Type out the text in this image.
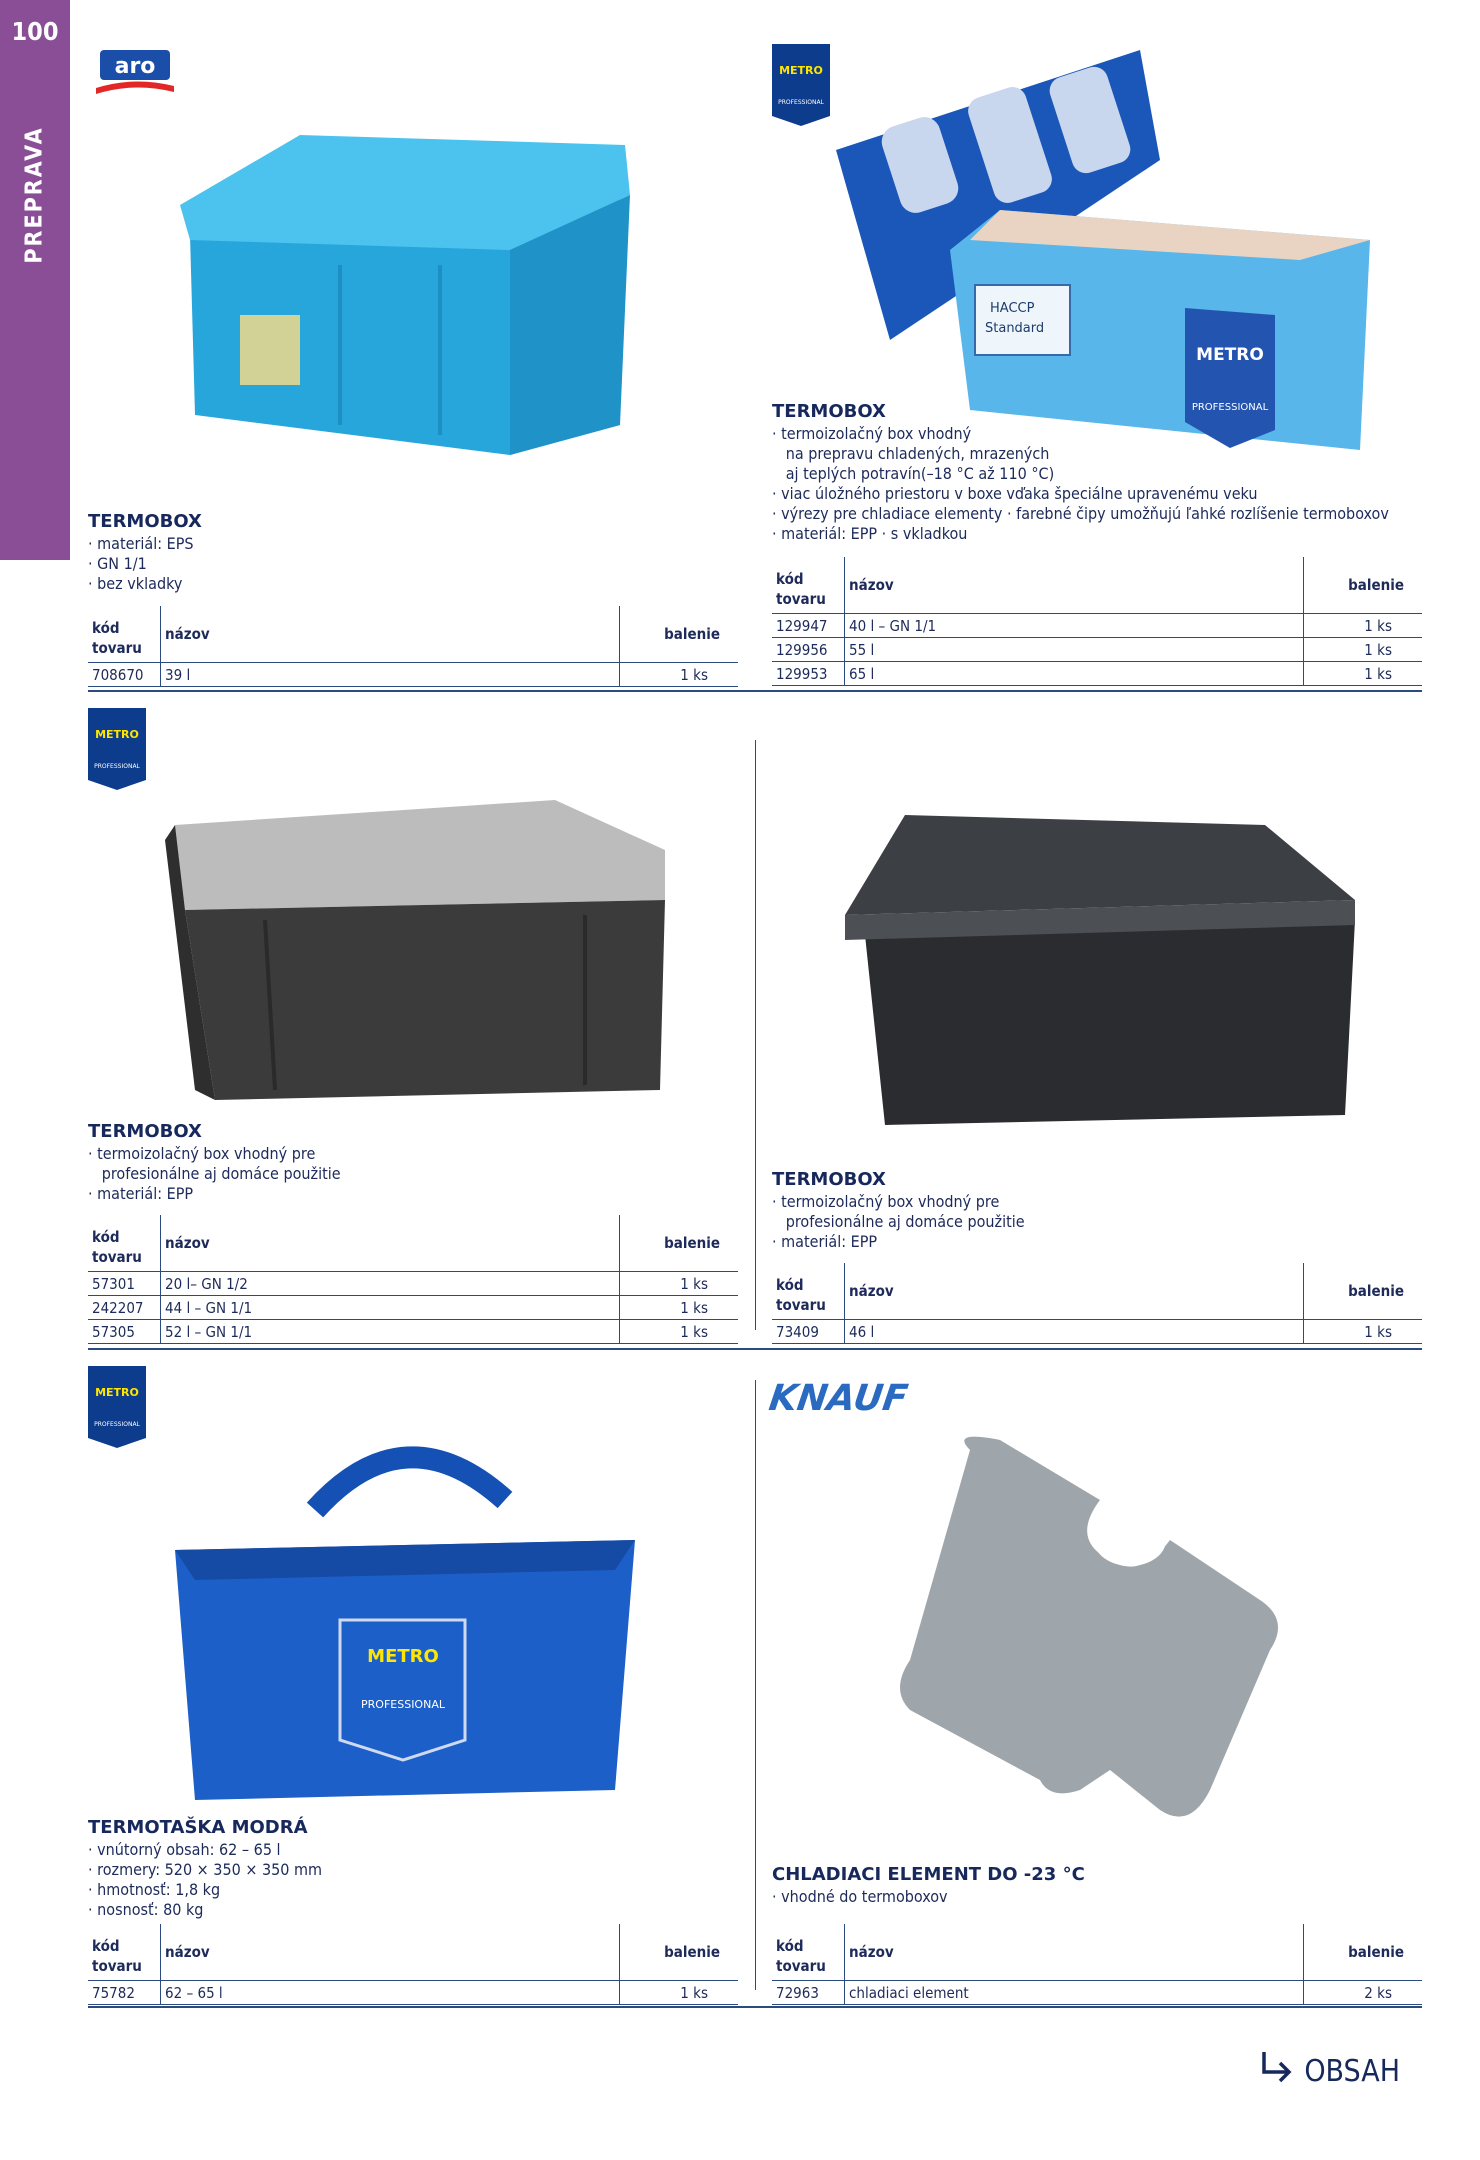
100
PREPRAVA
aro	METRO
PROFESSIONAL
METRO
PROFESSIONAL
METRO
PROFESSIONAL
KNAUF
HACCP
Standard
METRO
PROFESSIONAL
METRO
PROFESSIONAL
TERMOBOX
· materiál: EPS
· GN 1/1
· bez vkladky
kód
tovaru	názov	balenie
708670	39 l	1 ks
TERMOBOX
· termoizolačný box vhodný
na prepravu chladených, mrazených
aj teplých potravín(–18 °C až 110 °C)
· viac úložného priestoru v boxe vďaka špeciálne upravenému veku
· výrezy pre chladiace elementy · farebné čipy umožňujú ľahké rozlíšenie termoboxov
· materiál: EPP · s vkladkou
kód
tovaru	názov	balenie
129947	40 l – GN 1/1	1 ks
129956	55 l	1 ks
129953	65 l	1 ks
TERMOBOX
· termoizolačný box vhodný pre
profesionálne aj domáce použitie
· materiál: EPP
kód
tovaru	názov	balenie
57301	20 l– GN 1/2	1 ks
242207	44 l – GN 1/1	1 ks
57305	52 l – GN 1/1	1 ks
TERMOBOX
· termoizolačný box vhodný pre
profesionálne aj domáce použitie
· materiál: EPP
kód
tovaru	názov	balenie
73409	46 l	1 ks
TERMOTAŠKA MODRÁ
· vnútorný obsah: 62 – 65 l
· rozmery: 520 × 350 × 350 mm
· hmotnosť: 1,8 kg
· nosnosť: 80 kg
kód
tovaru	názov	balenie
75782	62 – 65 l	1 ks
CHLADIACI ELEMENT DO -23 °C
· vhodné do termoboxov
kód
tovaru	názov	balenie
72963	chladiaci element	2 ks
OBSAH
